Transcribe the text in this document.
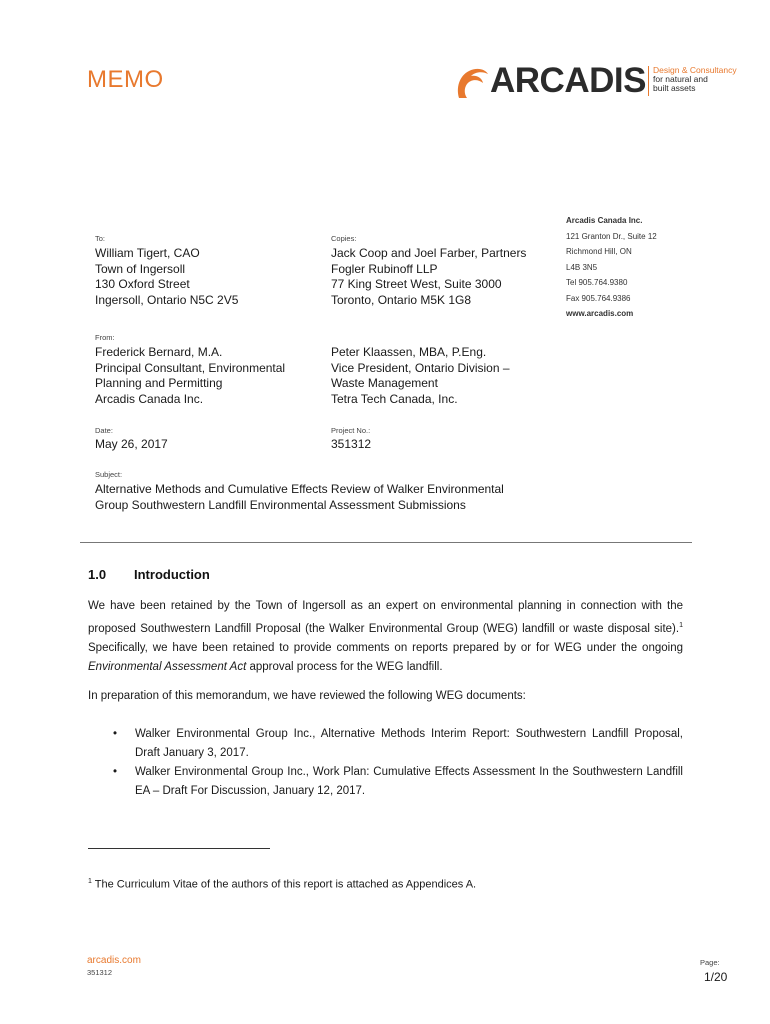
MEMO	ARCADIS Design & Consultancy
for natural and
built assets
Arcadis Canada Inc.
121 Granton Dr., Suite 12
Richmond Hill, ON
L4B 3N5
Tel 905.764.9380
Fax 905.764.9386
www.arcadis.com
To:
William Tigert, CAO
Town of Ingersoll
130 Oxford Street
Ingersoll, Ontario N5C 2V5
Copies:
Jack Coop and Joel Farber, Partners
Fogler Rubinoff LLP
77 King Street West, Suite 3000
Toronto, Ontario M5K 1G8
From:
Frederick Bernard, M.A.
Principal Consultant, Environmental
Planning and Permitting
Arcadis Canada Inc.
Peter Klaassen, MBA, P.Eng.
Vice President, Ontario Division –
Waste Management
Tetra Tech Canada, Inc.
Date:
May 26, 2017
Project No.:
351312
Subject:
Alternative Methods and Cumulative Effects Review of Walker Environmental
Group Southwestern Landfill Environmental Assessment Submissions
1.0 Introduction
We have been retained by the Town of Ingersoll as an expert on environmental planning in connection with the proposed Southwestern Landfill Proposal (the Walker Environmental Group (WEG) landfill or waste disposal site).$^1$ Specifically, we have been retained to provide comments on reports prepared by or for WEG under the ongoing Environmental Assessment Act approval process for the WEG landfill.
In preparation of this memorandum, we have reviewed the following WEG documents:
• Walker Environmental Group Inc., Alternative Methods Interim Report: Southwestern Landfill Proposal, Draft January 3, 2017.
• Walker Environmental Group Inc., Work Plan: Cumulative Effects Assessment In the Southwestern Landfill EA – Draft For Discussion, January 12, 2017.
$^1$ The Curriculum Vitae of the authors of this report is attached as Appendices A.
arcadis.com
351312
Page:
1/20
